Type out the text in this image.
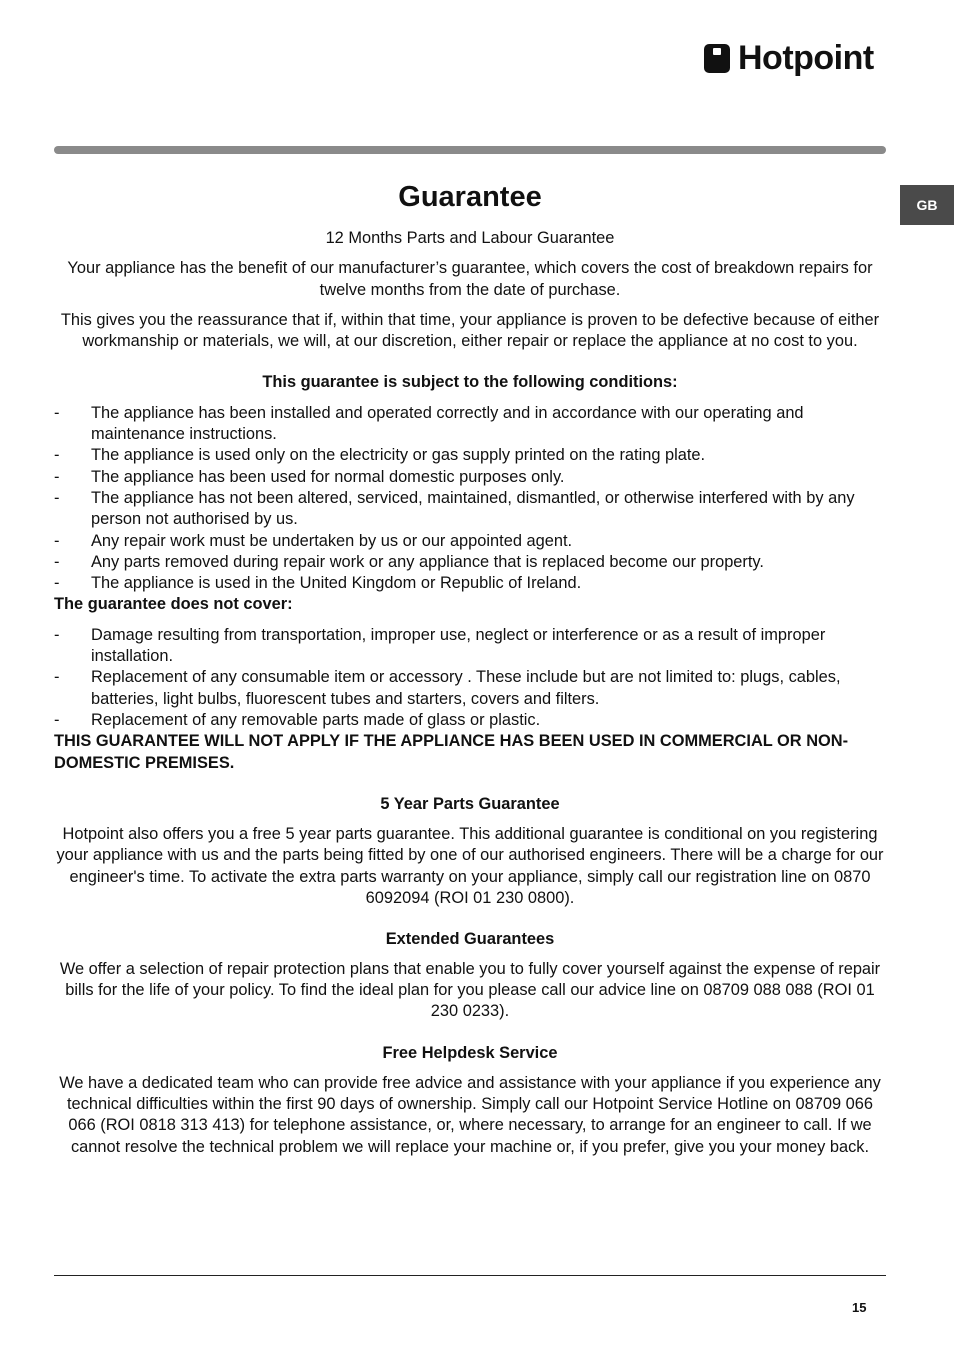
Hotpoint
GB
Guarantee

12 Months Parts and Labour Guarantee

Your appliance has the benefit of our manufacturer’s guarantee, which covers the cost of breakdown repairs for twelve months from the date of purchase.

This gives you the reassurance that if, within that time, your appliance is proven to be defective because of either workmanship or materials, we will, at our discretion, either repair or replace the appliance at no cost to you.

This guarantee is subject to the following conditions:

- The appliance has been installed and operated correctly and in accordance with our operating and maintenance instructions.
- The appliance is used only on the electricity or gas supply printed on the rating plate.
- The appliance has been used for normal domestic purposes only.
- The appliance has not been altered, serviced, maintained, dismantled, or otherwise interfered with by any person not authorised by us.
- Any repair work must be undertaken by us or our appointed agent.
- Any parts removed during repair work or any appliance that is replaced become our property.
- The appliance is used in the United Kingdom or Republic of Ireland.

The guarantee does not cover:

- Damage resulting from transportation, improper use, neglect or interference or as a result of improper installation.
- Replacement of any consumable item or accessory . These include but are not limited to: plugs, cables, batteries, light bulbs, fluorescent tubes and starters, covers and filters.
- Replacement of any removable parts made of glass or plastic.

THIS GUARANTEE WILL NOT APPLY IF THE APPLIANCE HAS BEEN USED IN COMMERCIAL OR NON-DOMESTIC PREMISES.

5 Year Parts Guarantee

Hotpoint also offers you a free 5 year parts guarantee. This additional guarantee is conditional on you registering your appliance with us and the parts being fitted by one of our authorised engineers. There will be a charge for our engineer's time. To activate the extra parts warranty on your appliance, simply call our registration line on 0870 6092094 (ROI 01 230 0800).

Extended Guarantees

We offer a selection of repair protection plans that enable you to fully cover yourself against the expense of repair bills for the life of your policy. To find the ideal plan for you please call our advice line on 08709 088 088 (ROI 01 230 0233).

Free Helpdesk Service

We have a dedicated team who can provide free advice and assistance with your appliance if you experience any technical difficulties within the first 90 days of ownership. Simply call our Hotpoint Service Hotline on 08709 066 066 (ROI 0818 313 413) for telephone assistance, or, where necessary, to arrange for an engineer to call. If we cannot resolve the technical problem we will replace your machine or, if you prefer, give you your money back.

15
